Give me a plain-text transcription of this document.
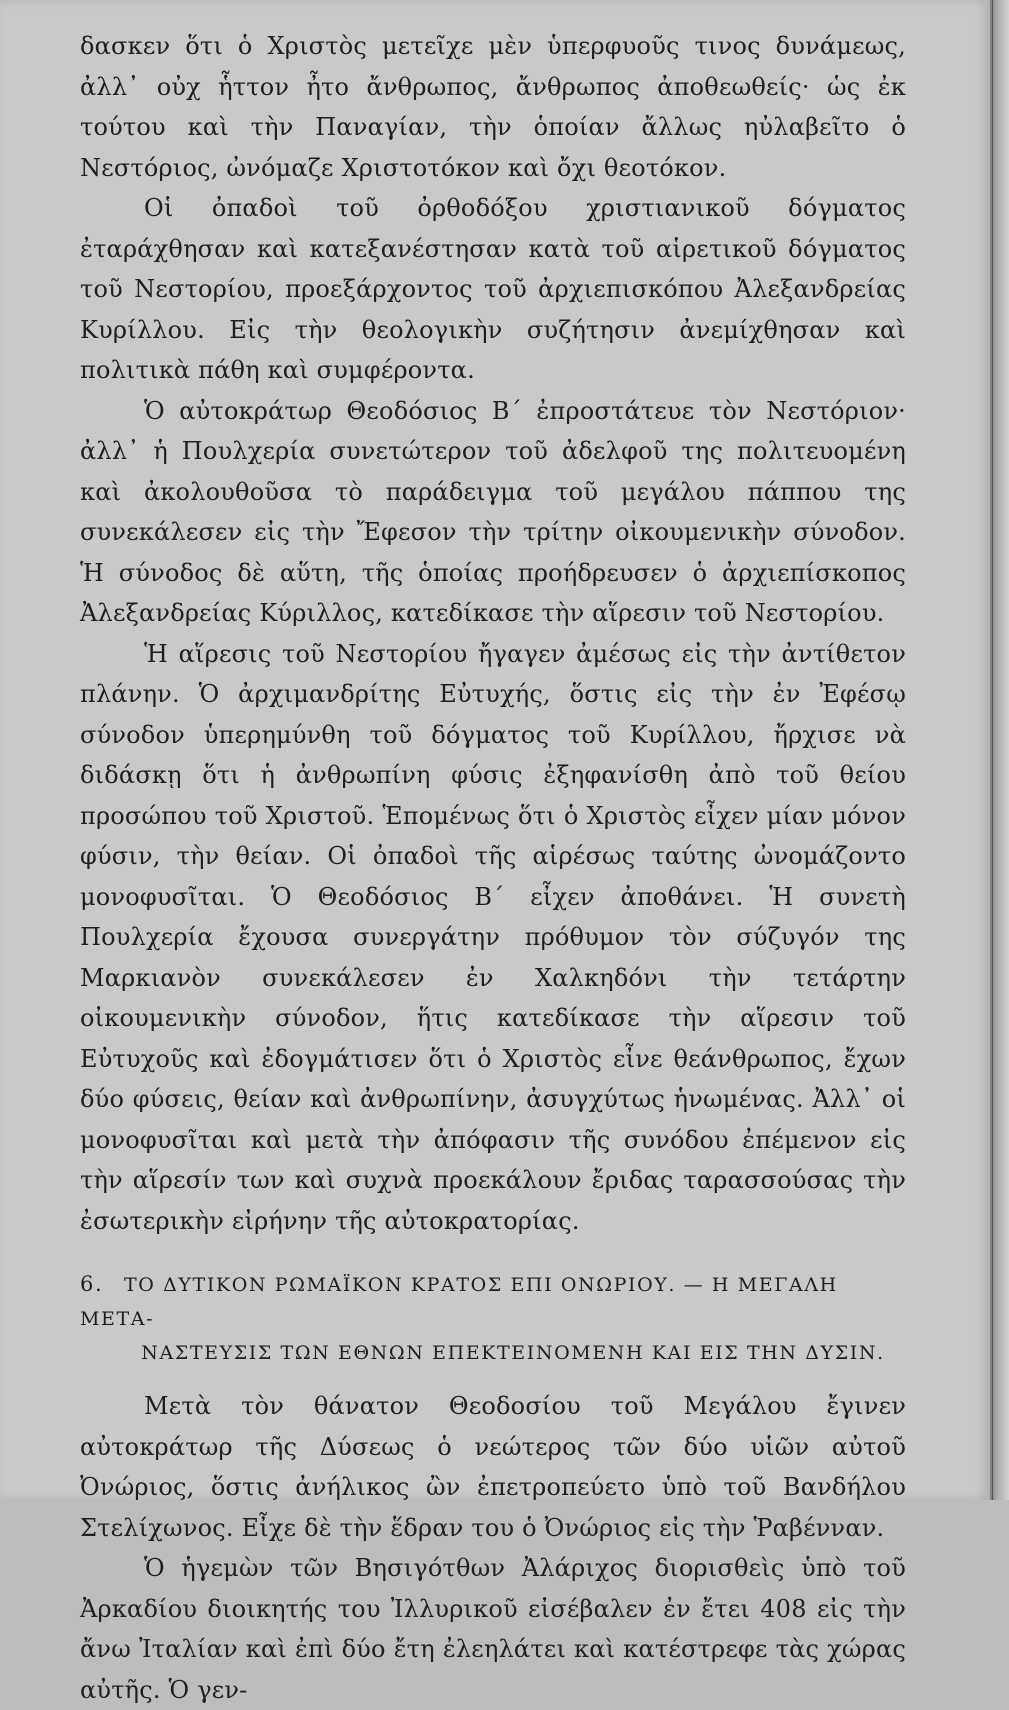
δασκεν ὅτι ὁ Χριστὸς μετεῖχε μὲν ὑπερφυοῦς τινος δυνάμεως, ἀλλ᾽ οὐχ ἧττον ἦτο ἄνθρωπος, ἄνθρωπος ἀποθεωθείς· ὡς ἐκ τούτου καὶ τὴν Παναγίαν, τὴν ὁποίαν ἄλλως ηὐλαβεῖτο ὁ Νεστόριος, ὠνόμαζε Χριστοτόκον καὶ ὄχι θεοτόκον.

Οἱ ὀπαδοὶ τοῦ ὀρθοδόξου χριστιανικοῦ δόγματος ἐταράχθησαν καὶ κατεξανέστησαν κατὰ τοῦ αἱρετικοῦ δόγματος τοῦ Νεστορίου, προεξάρχοντος τοῦ ἀρχιεπισκόπου Ἀλεξανδρείας Κυρίλλου. Εἰς τὴν θεολογικὴν συζήτησιν ἀνεμίχθησαν καὶ πολιτικὰ πάθη καὶ συμφέροντα.

Ὁ αὐτοκράτωρ Θεοδόσιος Β΄ ἐπροστάτευε τὸν Νεστόριον· ἀλλ᾽ ἡ Πουλχερία συνετώτερον τοῦ ἀδελφοῦ της πολιτευομένη καὶ ἀκολουθοῦσα τὸ παράδειγμα τοῦ μεγάλου πάππου της συνεκάλεσεν εἰς τὴν Ἔφεσον τὴν τρίτην οἰκουμενικὴν σύνοδον. Ἡ σύνοδος δὲ αὕτη, τῆς ὁποίας προήδρευσεν ὁ ἀρχιεπίσκοπος Ἀλεξανδρείας Κύριλλος, κατεδίκασε τὴν αἵρεσιν τοῦ Νεστορίου.

Ἡ αἵρεσις τοῦ Νεστορίου ἤγαγεν ἀμέσως εἰς τὴν ἀντίθετον πλάνην. Ὁ ἀρχιμανδρίτης Εὐτυχής, ὅστις εἰς τὴν ἐν Ἐφέσῳ σύνοδον ὑπερημύνθη τοῦ δόγματος τοῦ Κυρίλλου, ἤρχισε νὰ διδάσκῃ ὅτι ἡ ἀνθρωπίνη φύσις ἐξηφανίσθη ἀπὸ τοῦ θείου προσώπου τοῦ Χριστοῦ. Ἑπομένως ὅτι ὁ Χριστὸς εἶχεν μίαν μόνον φύσιν, τὴν θείαν. Οἱ ὀπαδοὶ τῆς αἱρέσως ταύτης ὠνομάζοντο μονοφυσῖται. Ὁ Θεοδόσιος Β΄ εἶχεν ἀποθάνει. Ἡ συνετὴ Πουλχερία ἔχουσα συνεργάτην πρόθυμον τὸν σύζυγόν της Μαρκιανὸν συνεκάλεσεν ἐν Χαλκηδόνι τὴν τετάρτην οἰκουμενικὴν σύνοδον, ἥτις κατεδίκασε τὴν αἵρεσιν τοῦ Εὐτυχοῦς καὶ ἐδογμάτισεν ὅτι ὁ Χριστὸς εἶνε θεάνθρωπος, ἔχων δύο φύσεις, θείαν καὶ ἀνθρωπίνην, ἀσυγχύτως ἡνωμένας. Ἀλλ᾽ οἱ μονοφυσῖται καὶ μετὰ τὴν ἀπόφασιν τῆς συνόδου ἐπέμενον εἰς τὴν αἵρεσίν των καὶ συχνὰ προεκάλουν ἔριδας ταρασσούσας τὴν ἐσωτερικὴν εἰρήνην τῆς αὐτοκρατορίας.

6. ΤΟ ΔΥΤΙΚΟΝ ΡΩΜΑΪΚΟΝ ΚΡΑΤΟΣ ΕΠΙ ΟΝΩΡΙΟΥ. — Η ΜΕΓΑΛΗ ΜΕΤΑ-
ΝΑΣΤΕΥΣΙΣ ΤΩΝ ΕΘΝΩΝ ΕΠΕΚΤΕΙΝΟΜΕΝΗ ΚΑΙ ΕΙΣ ΤΗΝ ΔΥΣΙΝ.

Μετὰ τὸν θάνατον Θεοδοσίου τοῦ Μεγάλου ἔγινεν αὐτοκράτωρ τῆς Δύσεως ὁ νεώτερος τῶν δύο υἱῶν αὐτοῦ Ὀνώριος, ὅστις ἀνήλικος ὢν ἐπετροπεύετο ὑπὸ τοῦ Βανδήλου Στελίχωνος. Εἶχε δὲ τὴν ἕδραν του ὁ Ὀνώριος εἰς τὴν Ῥαβένναν.

Ὁ ἡγεμὼν τῶν Βησιγότθων Ἀλάριχος διορισθεὶς ὑπὸ τοῦ Ἀρκαδίου διοικητής του Ἰλλυρικοῦ εἰσέβαλεν ἐν ἔτει 408 εἰς τὴν ἄνω Ἰταλίαν καὶ ἐπὶ δύο ἔτη ἐλεηλάτει καὶ κατέστρεφε τὰς χώρας αὐτῆς. Ὁ γεν-
